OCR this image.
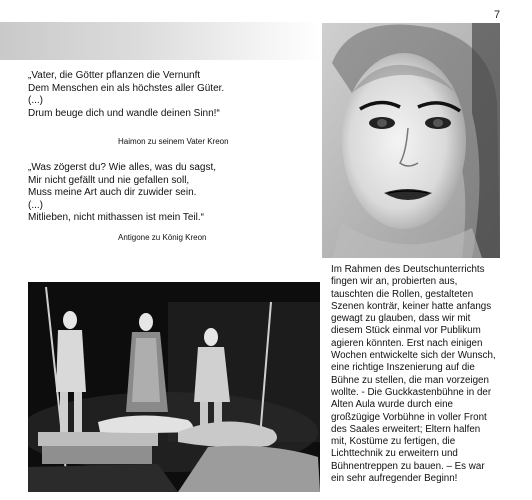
7
„Vater, die Götter pflanzen die Vernunft
Dem Menschen ein als höchstes aller Güter.
(...)
Drum beuge dich und wandle deinen Sinn!“
Haimon zu seinem Vater Kreon
„Was zögerst du? Wie alles, was du sagst,
Mir nicht gefällt und nie gefallen soll,
Muss meine Art auch dir zuwider sein.
(...)
Mitlieben, nicht mithassen ist mein Teil.“
Antigone zu König Kreon
Im Rahmen des Deutschunterrichts
fingen wir an, probierten aus,
tauschten die Rollen, gestalteten
Szenen konträr, keiner hatte anfangs
gewagt zu glauben, dass wir mit
diesem Stück einmal vor Publikum
agieren könnten. Erst nach einigen
Wochen entwickelte sich der Wunsch,
eine richtige Inszenierung auf die
Bühne zu stellen, die man vorzeigen
wollte. - Die Guckkastenbühne in der
Alten Aula wurde durch eine
großzügige Vorbühne in voller Front
des Saales erweitert; Eltern halfen
mit, Kostüme zu fertigen, die
Lichttechnik zu erweitern und
Bühnentreppen zu bauen. – Es war
ein sehr aufregender Beginn!
